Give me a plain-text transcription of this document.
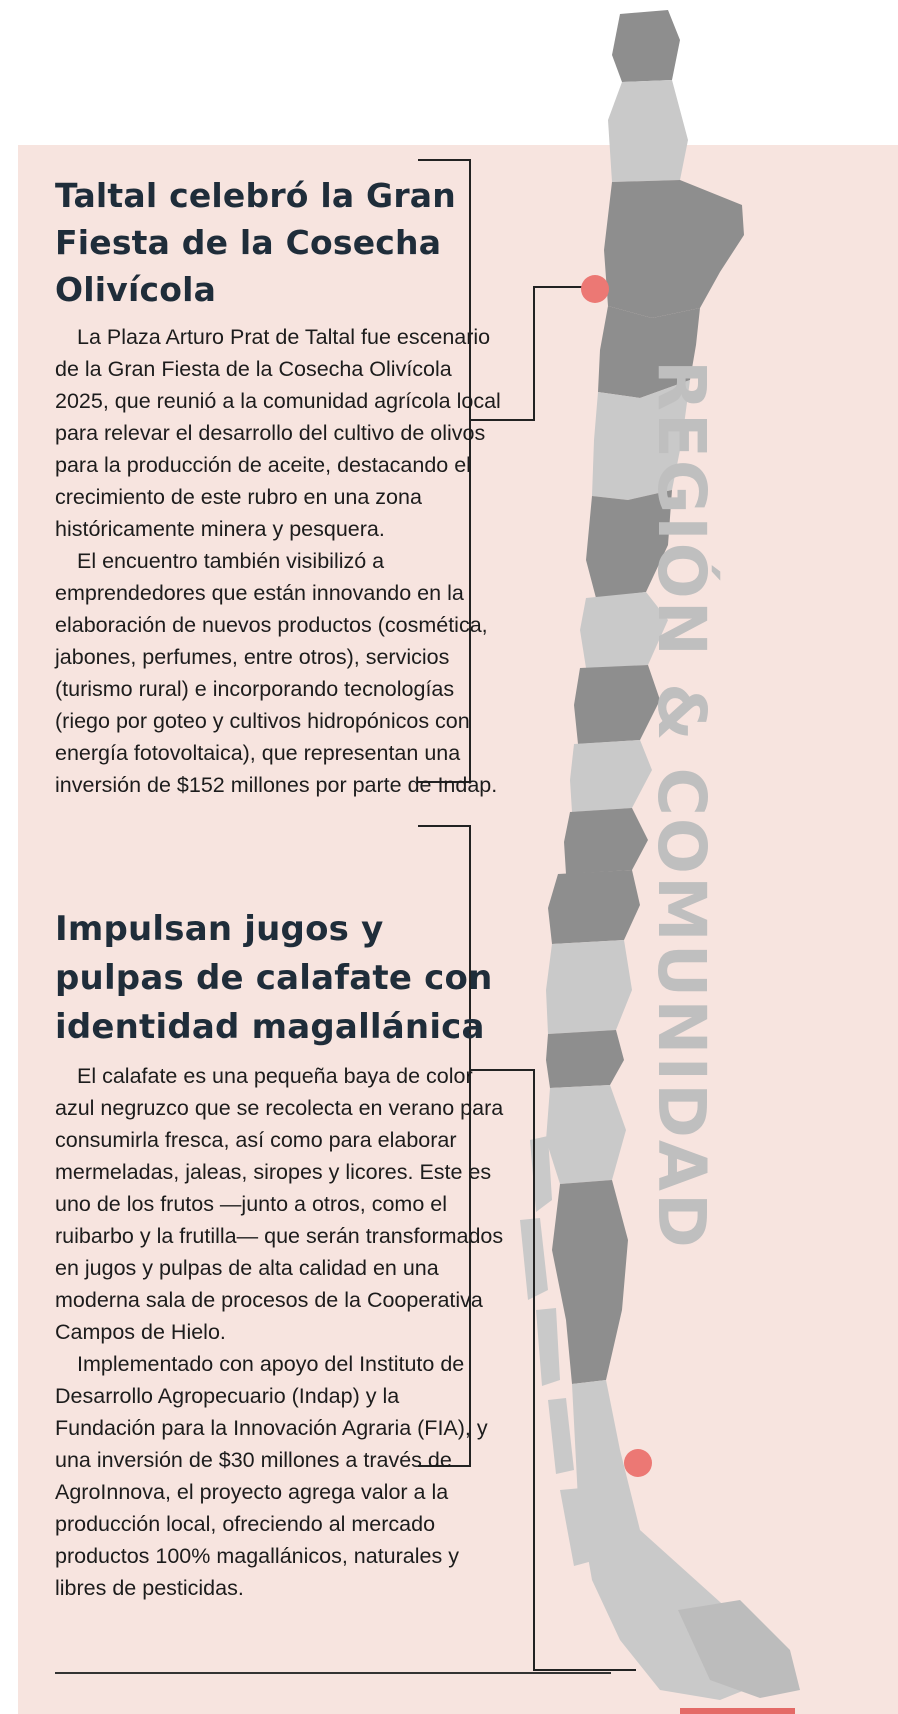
REGIÓN & COMUNIDAD
Taltal celebró la Gran Fiesta de la Cosecha Olivícola

La Plaza Arturo Prat de Taltal fue escenario de la Gran Fiesta de la Cosecha Olivícola 2025, que reunió a la comunidad agrícola local para relevar el desarrollo del cultivo de olivos para la producción de aceite, destacando el crecimiento de este rubro en una zona históricamente minera y pesquera.

El encuentro también visibilizó a emprendedores que están innovando en la elaboración de nuevos productos (cosmética, jabones, perfumes, entre otros), servicios (turismo rural) e incorporando tecnologías (riego por goteo y cultivos hidropónicos con energía fotovoltaica), que representan una inversión de $152 millones por parte de Indap.

Impulsan jugos y pulpas de calafate con identidad magallánica

El calafate es una pequeña baya de color azul negruzco que se recolecta en verano para consumirla fresca, así como para elaborar mermeladas, jaleas, siropes y licores. Este es uno de los frutos —junto a otros, como el ruibarbo y la frutilla— que serán transformados en jugos y pulpas de alta calidad en una moderna sala de procesos de la Cooperativa Campos de Hielo.

Implementado con apoyo del Instituto de Desarrollo Agropecuario (Indap) y la Fundación para la Innovación Agraria (FIA), y una inversión de $30 millones a través de AgroInnova, el proyecto agrega valor a la producción local, ofreciendo al mercado productos 100% magallánicos, naturales y libres de pesticidas.
